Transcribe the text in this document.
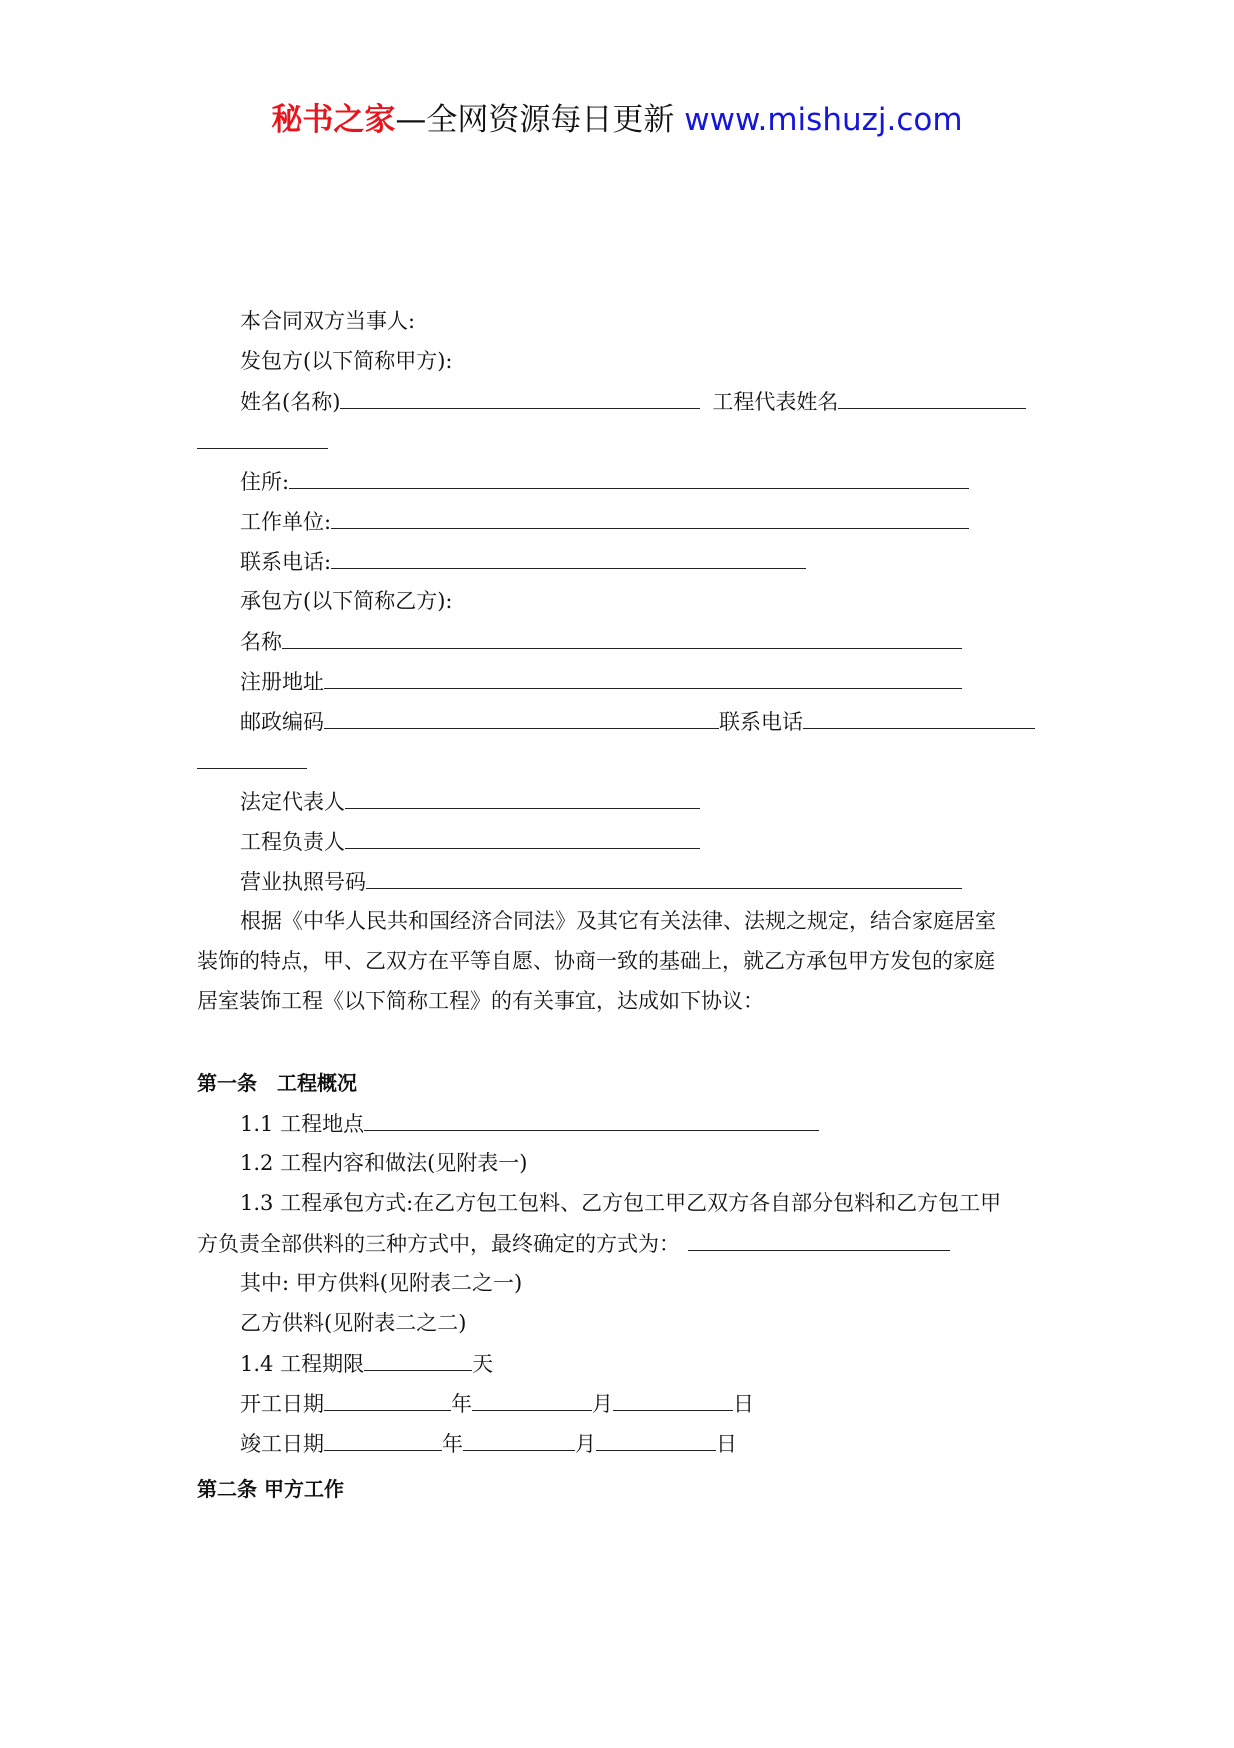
秘书之家—全网资源每日更新 www.mishuzj.com
本合同双方当事人:
发包方(以下简称甲方):
姓名(名称)	工程代表姓名
住所:
工作单位:
联系电话:
承包方(以下简称乙方):
名称
注册地址
邮政编码	联系电话
法定代表人
工程负责人
营业执照号码
根据《中华人民共和国经济合同法》及其它有关法律、法规之规定，结合家庭居室
装饰的特点，甲、乙双方在平等自愿、协商一致的基础上，就乙方承包甲方发包的家庭
居室装饰工程《以下简称工程》的有关事宜，达成如下协议：
第一条　工程概况
1.1 工程地点
1.2 工程内容和做法(见附表一)
1.3 工程承包方式:在乙方包工包料、乙方包工甲乙双方各自部分包料和乙方包工甲
方负责全部供料的三种方式中，最终确定的方式为：
其中: 甲方供料(见附表二之一)
乙方供料(见附表二之二)
1.4 工程期限	天
开工日期	年	月	日
竣工日期	年	月	日
第二条 甲方工作
